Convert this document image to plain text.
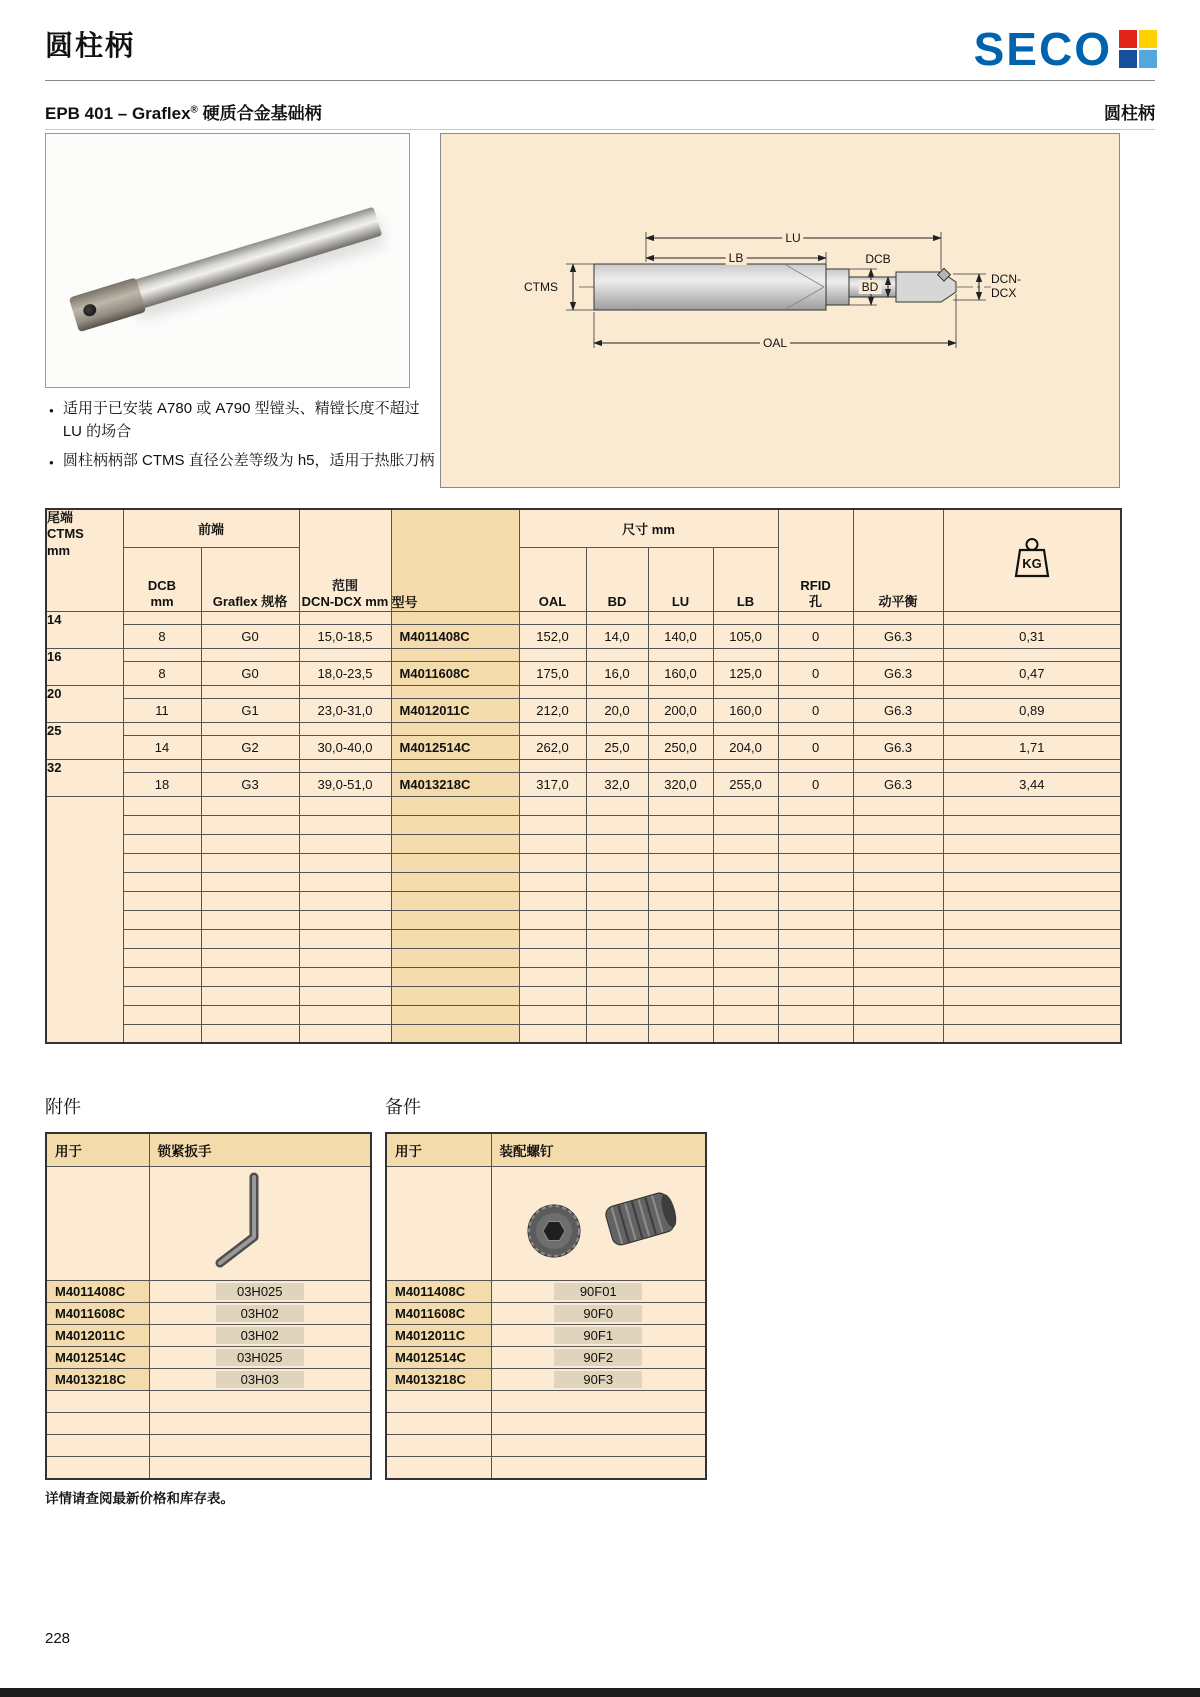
圆柱柄	SECO
EPB 401 – Graflex® 硬质合金基础柄	圆柱柄
LU
LB	DCB
CTMS	BD
DCN-
DCX
OAL
● 适用于已安装 A780 或 A790 型镗头、精镗长度不超过 LU 的场合
● 圆柱柄柄部 CTMS 直径公差等级为 h5，适用于热胀刀柄
尾端
CTMS
mm
	前端	
范围
DCN-DCX mm	型号	尺寸 mm	
RFID
孔	动平衡	
KG

	DCB
mm	Graflex 规格			OAL	BD	LU	LB			
14											
	8	G0	15,0-18,5	M4011408C	152,0	14,0	140,0	105,0	0	G6.3	0,31
16											
	8	G0	18,0-23,5	M4011608C	175,0	16,0	160,0	125,0	0	G6.3	0,47
20											
	11	G1	23,0-31,0	M4012011C	212,0	20,0	200,0	160,0	0	G6.3	0,89
25											
	14	G2	30,0-40,0	M4012514C	262,0	25,0	250,0	204,0	0	G6.3	1,71
32											
	18	G3	39,0-51,0	M4013218C	317,0	32,0	320,0	255,0	0	G6.3	3,44

附件
用于	锁紧扳手

M4011408C	03H025
M4011608C	03H02
M4012011C	03H02
M4012514C	03H025
M4013218C	03H03

备件
用于	装配螺钉

M4011408C	90F01
M4011608C	90F0
M4012011C	90F1
M4012514C	90F2
M4013218C	90F3

详情请查阅最新价格和库存表。
228
